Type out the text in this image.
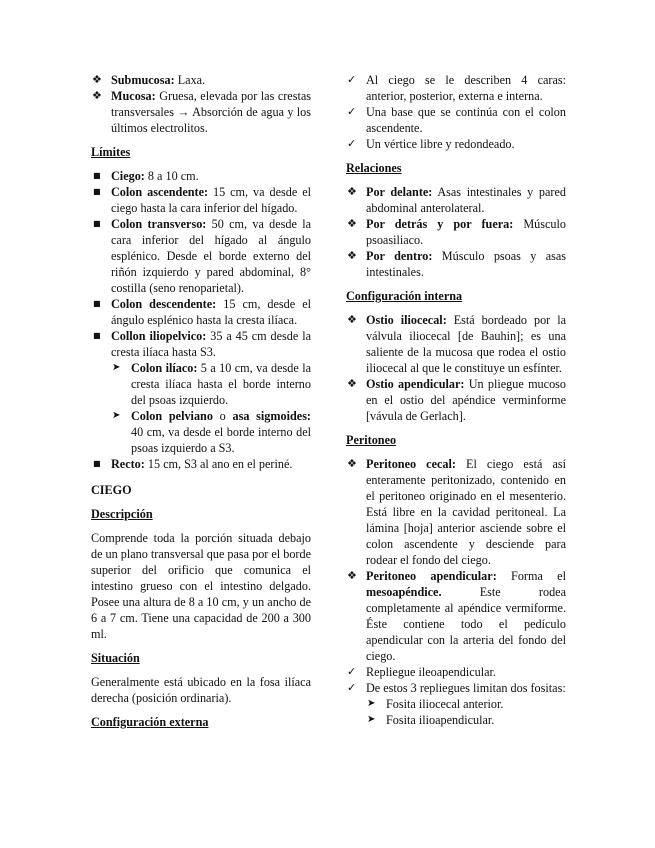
❖ Submucosa: Laxa.
❖ Mucosa: Gruesa, elevada por las crestas transversales → Absorción de agua y los últimos electrolitos.
Límites
■ Ciego: 8 a 10 cm.
■ Colon ascendente: 15 cm, va desde el ciego hasta la cara inferior del hígado.
■ Colon transverso: 50 cm, va desde la cara inferior del hígado al ángulo esplénico. Desde el borde externo del riñón izquierdo y pared abdominal, 8° costilla (seno renoparietal).
■ Colon descendente: 15 cm, desde el ángulo esplénico hasta la cresta ilíaca.
■ Collon iliopelvico: 35 a 45 cm desde la cresta ilíaca hasta S3.
➤ Colon ilíaco: 5 a 10 cm, va desde la cresta ilíaca hasta el borde interno del psoas izquierdo.
➤ Colon pelviano o asa sigmoides: 40 cm, va desde el borde interno del psoas izquierdo a S3.
■ Recto: 15 cm, S3 al ano en el periné.
CIEGO
Descripción
Comprende toda la porción situada debajo de un plano transversal que pasa por el borde superior del orificio que comunica el intestino grueso con el intestino delgado. Posee una altura de 8 a 10 cm, y un ancho de 6 a 7 cm. Tiene una capacidad de 200 a 300 ml.
Situación
Generalmente está ubicado en la fosa ilíaca derecha (posición ordinaria).
Configuración externa
✓ Al ciego se le describen 4 caras: anterior, posterior, externa e interna.
✓ Una base que se continúa con el colon ascendente.
✓ Un vértice libre y redondeado.
Relaciones
❖ Por delante: Asas intestinales y pared abdominal anterolateral.
❖ Por detrás y por fuera: Músculo psoasiliaco.
❖ Por dentro: Músculo psoas y asas intestinales.
Configuración interna
❖ Ostio iliocecal: Está bordeado por la válvula iliocecal [de Bauhin]; es una saliente de la mucosa que rodea el ostio iliocecal al que le constituye un esfínter.
❖ Ostio apendicular: Un pliegue mucoso en el ostio del apéndice verminforme [vávula de Gerlach].
Peritoneo
❖ Peritoneo cecal: El ciego está así enteramente peritonizado, contenido en el peritoneo originado en el mesenterio. Está libre en la cavidad peritoneal. La lámina [hoja] anterior asciende sobre el colon ascendente y desciende para rodear el fondo del ciego.
❖ Peritoneo apendicular: Forma el mesoapéndice. Este rodea completamente al apéndice vermiforme. Éste contiene todo el pedículo apendicular con la arteria del fondo del ciego.
✓ Repliegue ileoapendicular.
✓ De estos 3 repliegues limitan dos fositas:
➤ Fosita iliocecal anterior.
➤ Fosita ilioapendicular.
